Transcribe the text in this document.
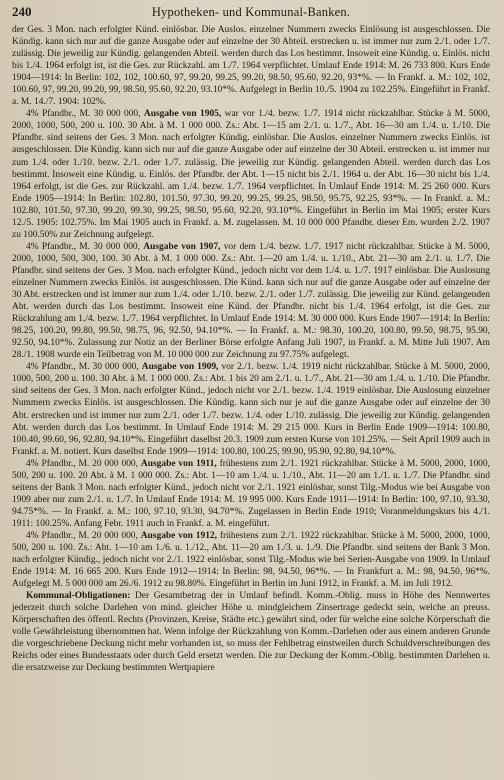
240	Hypotheken- und Kommunal-Banken.

der Ges. 3 Mon. nach erfolgter Künd. einlösbar. Die Auslos. einzelner Nummern zwecks Einlösung ist ausgeschlossen. Die Kündig. kann sich nur auf die ganze Ausgabe oder auf einzelne der 30 Abteil. erstrecken u. ist immer nur zum 2./1. oder 1./7. zulässig. Die jeweilig zur Kündig. gelangenden Abteil. werden durch das Los bestimmt. Insoweit eine Kündig. u. Einlös. nicht bis 1./4. 1964 erfolgt ist, ist die Ges. zur Rückzahl. am 1./7. 1964 verpflichtet. Umlauf Ende 1914: M. 26 733 800. Kurs Ende 1904—1914: In Berlin: 102, 102, 100.60, 97, 99.20, 99.25, 99.20, 98.50, 95.60, 92.20, 93*%. — In Frankf. a. M.: 102, 102, 100.60, 97, 99.20, 99.20, 99, 98.50, 95.60, 92.20, 93.10*%. Aufgelegt in Berlin 10./5. 1904 zu 102.25%. Eingeführt in Frankf. a. M. 14./7. 1904: 102%.

4% Pfandbr., M. 30 000 000, Ausgabe von 1905, war vor 1./4. bezw. 1./7. 1914 nicht rückzahlbar. Stücke à M. 5000, 2000, 1000, 500, 200 u. 100. 30 Abt. à M. 1 000 000. Zs.: Abt. 1—15 am 2./1. u. 1./7., Abt. 16—30 am 1./4. u. 1./10. Die Pfandbr. sind seitens der Ges. 3 Mon. nach erfolgter Kündig. einlösbar. Die Auslos. einzelner Nummern zwecks Einlös. ist ausgeschlossen. Die Kündig. kann sich nur auf die ganze Ausgabe oder auf einzelne der 30 Abteil. erstrecken u. ist immer nur zum 1./4. oder 1./10. bezw. 2./1. oder 1./7. zulässig. Die jeweilig zur Kündig. gelangenden Abteil. werden durch das Los bestimmt. Insoweit eine Kündig. u. Einlös. der Pfandbr. der Abt. 1—15 nicht bis 2./1. 1964 u. der Abt. 16—30 nicht bis 1./4. 1964 erfolgt, ist die Ges. zur Rückzahl. am 1./4. bezw. 1./7. 1964 verpflichtet. In Umlauf Ende 1914: M. 25 260 000. Kurs Ende 1905—1914: In Berlin: 102.80, 101.50, 97.30, 99.20, 99.25, 99.25, 98.50, 95.75, 92.25, 93*%. — In Frankf. a. M.: 102.80, 101.50, 97.30, 99.20, 99.30, 99.25, 98.50, 95.60, 92.20, 93.10*%. Eingeführt in Berlin im Mai 1905; erster Kurs 12./5. 1905: 102.75%. Im Mai 1905 auch in Frankf. a. M. zugelassen. M. 10 000 000 Pfandbr. dieser Em. wurden 2./2. 1907 zu 100.50% zur Zeichnung aufgelegt.

4% Pfandbr., M. 30 000 000, Ausgabe von 1907, vor dem 1./4. bezw. 1./7. 1917 nicht rückzahlbar. Stücke à M. 5000, 2000, 1000, 500, 300, 100. 30 Abt. à M. 1 000 000. Zs.: Abt. 1—20 am 1./4. u. 1./10., Abt. 21—30 am 2./1. u. 1./7. Die Pfandbr. sind seitens der Ges. 3 Mon. nach erfolgter Künd., jedoch nicht vor dem 1./4. u. 1./7. 1917 einlösbar. Die Auslosung einzelner Nummern zwecks Einlös. ist ausgeschlossen. Die Künd. kann sich nur auf die ganze Ausgabe oder auf einzelne der 30 Abt. erstrecken und ist immer nur zum 1./4. oder 1./10. bezw. 2./1. oder 1./7. zulässig. Die jeweilig zur Künd. gelangenden Abt. werden durch das Los bestimmt. Insoweit eine Künd. der Pfandbr. nicht bis 1./4. 1964 erfolgt, ist die Ges. zur Rückzahlung am 1./4. bezw. 1./7. 1964 verpflichtet. In Umlauf Ende 1914: M. 30 000 000. Kurs Ende 1907—1914: In Berlin: 98.25, 100.20, 99.80, 99.50, 98.75, 96, 92.50, 94.10*%. — In Frankf. a. M.: 98.30, 100.20, 100.80, 99.50, 98.75, 95.90, 92.50, 94.10*%. Zulassung zur Notiz an der Berliner Börse erfolgte Anfang Juli 1907, in Frankf. a. M. Mitte Juli 1907. Am 28./1. 1908 wurde ein Teilbetrag von M. 10 000 000 zur Zeichnung zu 97.75% aufgelegt.

4% Pfandbr., M. 30 000 000, Ausgabe von 1909, vor 2./1. bezw. 1./4. 1919 nicht rückzahlbar. Stücke à M. 5000, 2000, 1000, 500, 200 u. 100. 30 Abt. à M. 1 000 000. Zs.: Abt. 1 bis 20 am 2./1. u. 1./7., Abt. 21—30 am 1./4. u. 1./10. Die Pfandbr. sind seitens der Ges. 3 Mon. nach erfolgter Künd., jedoch nicht vor 2./1. bezw. 1./4. 1919 einlösbar. Die Auslosung einzelner Nummern zwecks Einlös. ist ausgeschlossen. Die Kündig. kann sich nur je auf die ganze Ausgabe oder auf einzelne der 30 Abt. erstrecken und ist immer nur zum 2./1. oder 1./7. bezw. 1./4. oder 1./10. zulässig. Die jeweilig zur Kündig. gelangenden Abt. werden durch das Los bestimmt. In Umlauf Ende 1914: M. 29 215 000. Kurs in Berlin Ende 1909—1914: 100.80, 100.40, 99.60, 96, 92.80, 94.10*%. Eingeführt daselbst 20.3. 1909 zum ersten Kurse von 101.25%. — Seit April 1909 auch in Frankf. a. M. notiert. Kurs daselbst Ende 1909—1914: 100.80, 100.25, 99.90, 95.90, 92.80, 94.10*%.

4% Pfandbr., M. 20 000 000, Ausgabe von 1911, frühestens zum 2./1. 1921 rückzahlbar. Stücke à M. 5000, 2000, 1000, 500, 200 u. 100. 20 Abt. à M. 1 000 000. Zs.: Abt. 1—10 am 1./4. u. 1./10., Abt. 11—20 am 1./1. u. 1./7. Die Pfandbr. sind seitens der Bank 3 Mon. nach erfolgter Künd., jedoch nicht vor 2./1. 1921 einlösbar, sonst Tilg.-Modus wie bei Ausgabe von 1909 aber nur zum 2./1. u. 1./7. In Umlauf Ende 1914: M. 19 995 000. Kurs Ende 1911—1914: In Berlin: 100, 97.10, 93.30, 94.75*%. — In Frankf. a. M.: 100, 97.10, 93.30, 94.70*%. Zugelassen in Berlin Ende 1910; Voranmeldungskurs bis 4./1. 1911: 100.25%. Anfang Febr. 1911 auch in Frankf. a. M. eingeführt.

4% Pfandbr., M. 20 000 000, Ausgabe von 1912, frühestens zum 2./1. 1922 rückzahlbar. Stücke à M. 5000, 2000, 1000, 500, 200 u. 100. Zs.: Abt. 1—10 am 1./6. u. 1./12., Abt. 11—20 am 1./3. u. 1./9. Die Pfandbr. sind seitens der Bank 3 Mon. nach erfolgter Kündig., jedoch nicht vor 2./1. 1922 einlösbar, sonst Tilg.-Modus wie bei Serien-Ausgabe von 1909. In Umlauf Ende 1914: M. 16 665 200. Kurs Ende 1912—1914: In Berlin: 98, 94.50, 96*%. — In Frankfurt a. M.: 98, 94.50, 96*%. Aufgelegt M. 5 000 000 am 26./6. 1912 zu 98.80%. Eingeführt in Berlin im Juni 1912, in Frankf. a. M. im Juli 1912.

Kommunal-Obligationen: Der Gesamtbetrag der in Umlauf befindl. Komm.-Oblig. muss in Höhe des Nennwertes jederzeit durch solche Darlehen von mind. gleicher Höhe u. mindgleichem Zinsertrage gedeckt sein, welche an preuss. Körperschaften des öffentl. Rechts (Provinzen, Kreise, Städte etc.) gewährt sind, oder für welche eine solche Körperschaft die volle Gewährleistung übernommen hat. Wenn infolge der Rückzahlung von Komm.-Darlehen oder aus einem anderen Grunde die vorgeschriebene Deckung nicht mehr vorhanden ist, so muss der Fehlbetrag einstweilen durch Schuldverschreibungen des Reichs oder eines Bundesstaats oder durch Geld ersetzt werden. Die zur Deckung der Komm.-Oblig. bestimmten Darlehen u. die ersatzweise zur Deckung bestimmten Wertpapiere
